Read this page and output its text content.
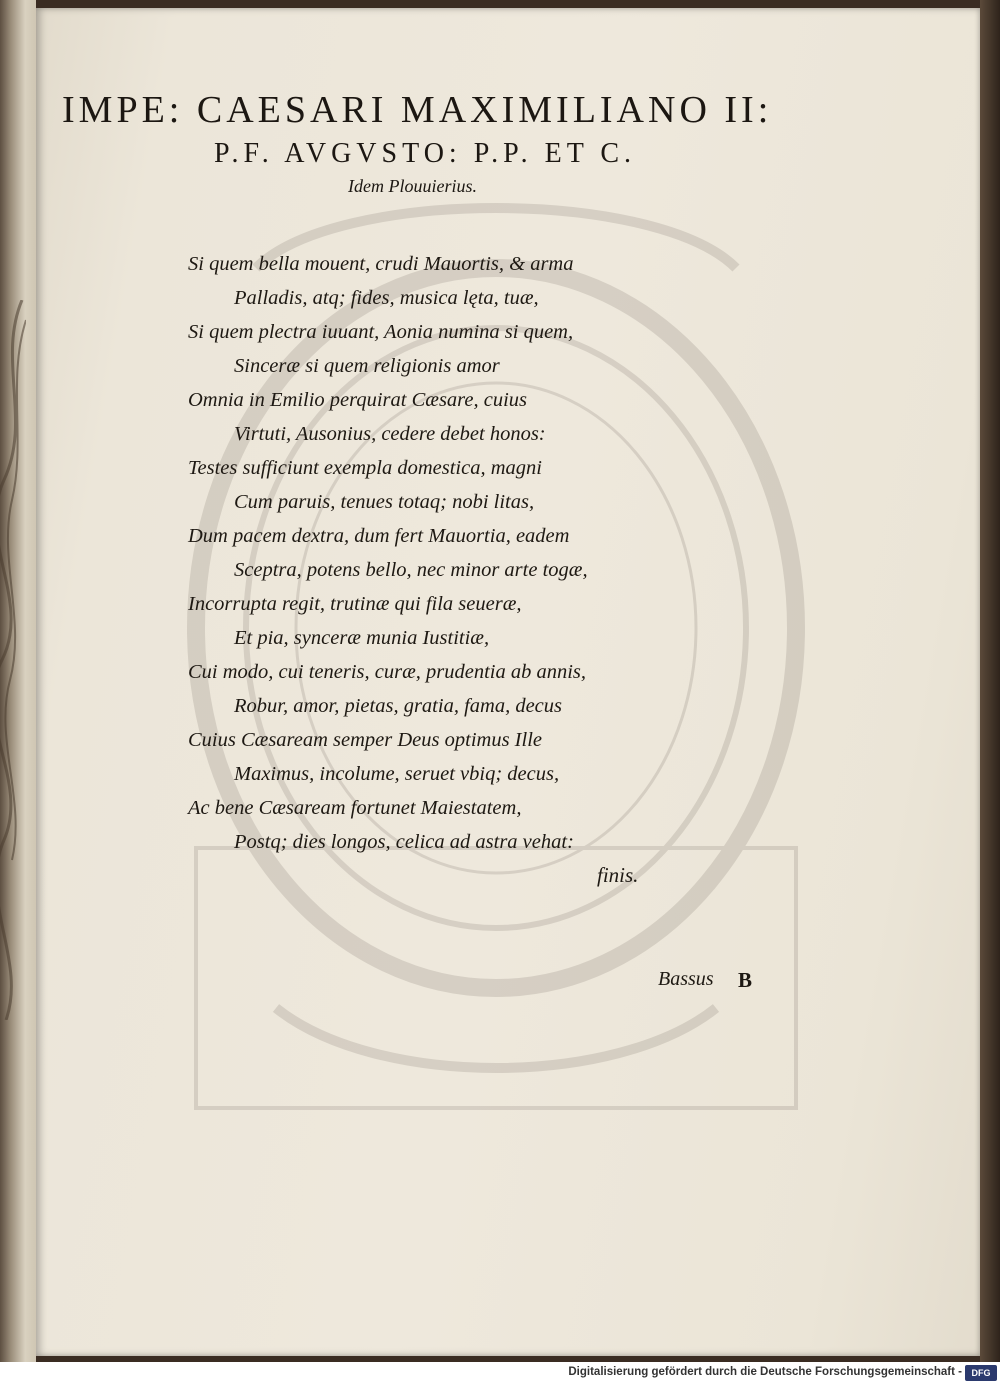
IMPE: CAESARI MAXIMILIANO II:
P.F. AVGVSTO: P.P. ET C.
Idem Plouuierius.
Si quem bella mouent, crudi Mauortis, & arma
Palladis, atq; fides, musica lęta, tuæ,
Si quem plectra iuuant, Aonia numina si quem,
Sinceræ si quem religionis amor
Omnia in Emilio perquirat Cæsare, cuius
Virtuti, Ausonius, cedere debet honos:
Testes sufficiunt exempla domestica, magni
Cum paruis, tenues totaq; nobi litas,
Dum pacem dextra, dum fert Mauortia, eadem
Sceptra, potens bello, nec minor arte togæ,
Incorrupta regit, trutinæ qui fila seueræ,
Et pia, synceræ munia Iustitiæ,
Cui modo, cui teneris, curæ, prudentia ab annis,
Robur, amor, pietas, gratia, fama, decus
Cuius Cæsaream semper Deus optimus Ille
Maximus, incolume, seruet vbiq; decus,
Ac bene Cæsaream fortunet Maiestatem,
Postq; dies longos, celica ad astra vehat:
finis.
Bassus B
Digitalisierung gefördert durch die Deutsche Forschungsgemeinschaft -	DFG
